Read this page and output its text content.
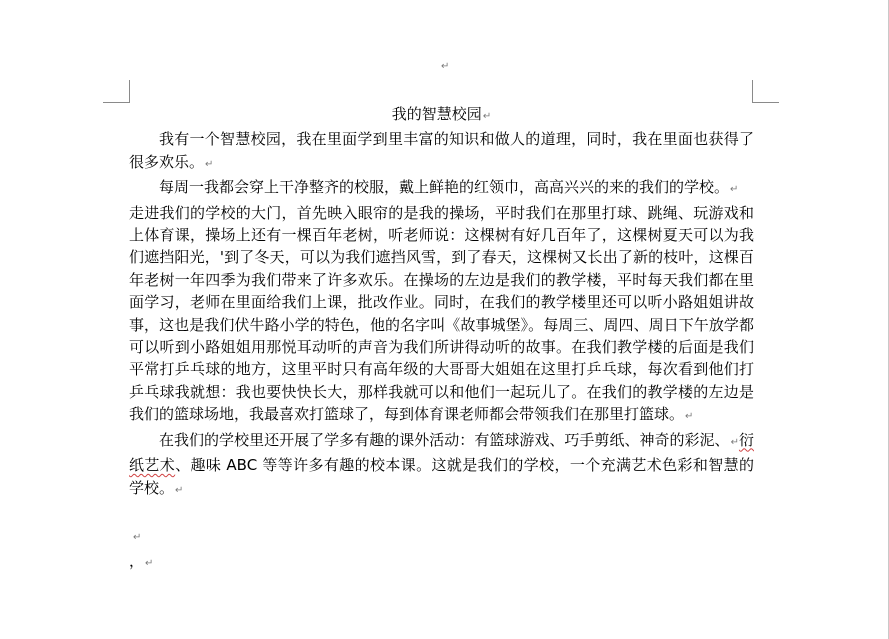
↵

我的智慧校园↵

我有一个智慧校园，我在里面学到里丰富的知识和做人的道理，同时，我在里面也获得了很多欢乐。↵

每周一我都会穿上干净整齐的校服，戴上鲜艳的红领巾，高高兴兴的来的我们的学校。↵

走进我们的学校的大门，首先映入眼帘的是我的操场，平时我们在那里打球、跳绳、玩游戏和上体育课，操场上还有一棵百年老树，听老师说：这棵树有好几百年了，这棵树夏天可以为我们遮挡阳光，'到了冬天，可以为我们遮挡风雪，到了春天，这棵树又长出了新的枝叶，这棵百年老树一年四季为我们带来了许多欢乐。在操场的左边是我们的教学楼，平时每天我们都在里面学习，老师在里面给我们上课，批改作业。同时，在我们的教学楼里还可以听小路姐姐讲故事，这也是我们伏牛路小学的特色，他的名字叫《故事城堡》。每周三、周四、周日下午放学都可以听到小路姐姐用那悦耳动听的声音为我们所讲得动听的故事。在我们教学楼的后面是我们平常打乒乓球的地方，这里平时只有高年级的大哥哥大姐姐在这里打乒乓球，每次看到他们打乒乓球我就想：我也要快快长大，那样我就可以和他们一起玩儿了。在我们的教学楼的左边是我们的篮球场地，我最喜欢打篮球了，每到体育课老师都会带领我们在那里打篮球。↵

在我们的学校里还开展了学多有趣的课外活动：有篮球游戏、巧手剪纸、神奇的彩泥、↵衍纸艺术、趣味 ABC 等等许多有趣的校本课。这就是我们的学校，一个充满艺术色彩和智慧的学校。↵

↵
，↵
